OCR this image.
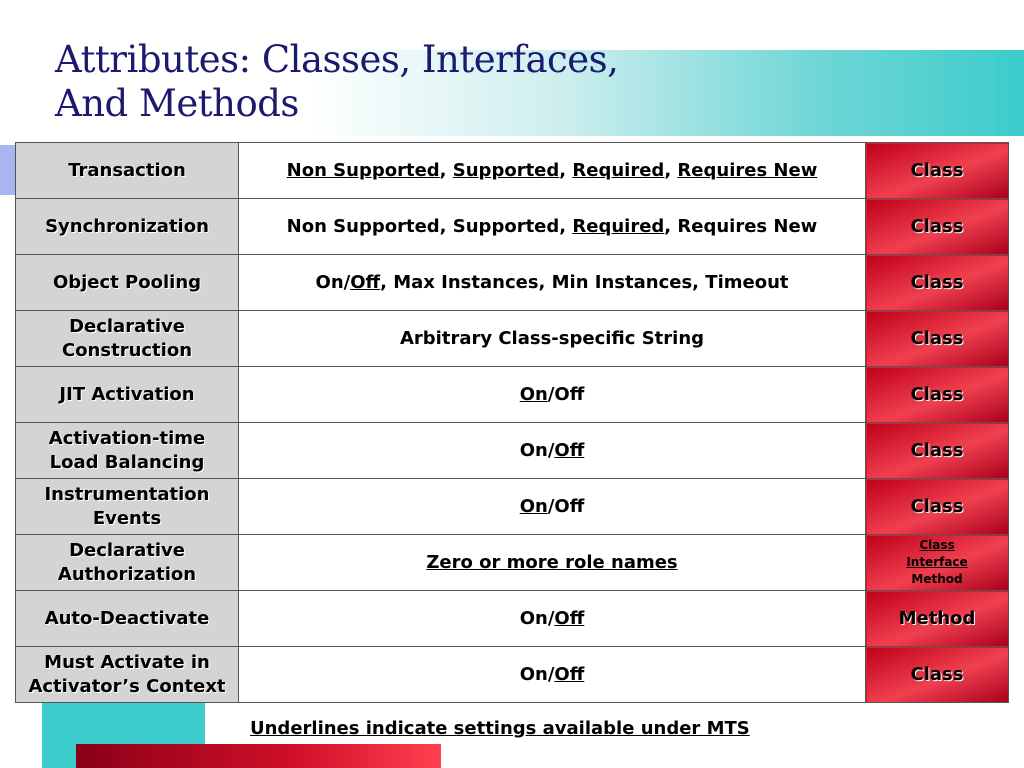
Attributes: Classes, Interfaces,
And Methods
Transaction	Non Supported, Supported, Required, Requires New	Class

Synchronization	Non Supported, Supported, Required, Requires New	Class

Object Pooling	On/Off, Max Instances, Min Instances, Timeout	Class

Declarative
Construction	Arbitrary Class-specific String	Class

JIT Activation	On/Off	Class

Activation-time
Load Balancing	On/Off	Class

Instrumentation
Events	On/Off	Class

Declarative
Authorization	Zero or more role names	Class
Interface
Method

Auto-Deactivate	On/Off	Method

Must Activate in
Activator’s Context	On/Off	Class

Underlines indicate settings available under MTS
